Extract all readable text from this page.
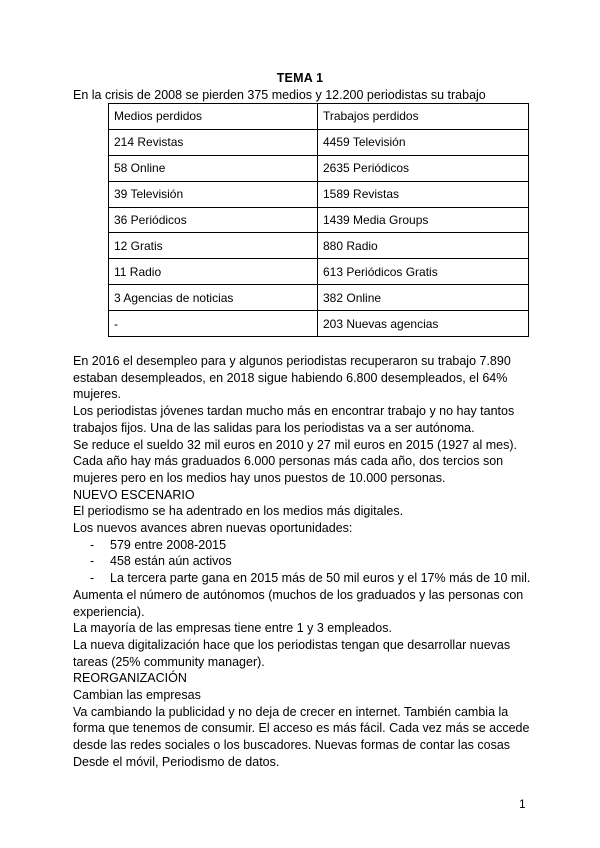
TEMA 1
En la crisis de 2008 se pierden 375 medios y 12.200 periodistas su trabajo
Medios perdidos	Trabajos perdidos
214 Revistas	4459 Televisión
58 Online	2635 Periódicos
39 Televisión	1589 Revistas
36 Periódicos	1439 Media Groups
12 Gratis	880 Radio
11 Radio	613 Periódicos Gratis
3 Agencias de noticias	382 Online
-	203 Nuevas agencias

En 2016 el desempleo para y algunos periodistas recuperaron su trabajo 7.890 estaban desempleados, en 2018 sigue habiendo 6.800 desempleados, el 64% mujeres.

Los periodistas jóvenes tardan mucho más en encontrar trabajo y no hay tantos trabajos fijos. Una de las salidas para los periodistas va a ser autónoma.

Se reduce el sueldo 32 mil euros en 2010 y 27 mil euros en 2015 (1927 al mes).

Cada año hay más graduados 6.000 personas más cada año, dos tercios son mujeres pero en los medios hay unos puestos de 10.000 personas.

NUEVO ESCENARIO

El periodismo se ha adentrado en los medios más digitales.

Los nuevos avances abren nuevas oportunidades:

- 579 entre 2008-2015
- 458 están aún activos
- La tercera parte gana en 2015 más de 50 mil euros y el 17% más de 10 mil.

Aumenta el número de autónomos (muchos de los graduados y las personas con experiencia).

La mayoría de las empresas tiene entre 1 y 3 empleados.

La nueva digitalización hace que los periodistas tengan que desarrollar nuevas tareas (25% community manager).

REORGANIZACIÓN

Cambian las empresas

Va cambiando la publicidad y no deja de crecer en internet. También cambia la forma que tenemos de consumir. El acceso es más fácil. Cada vez más se accede desde las redes sociales o los buscadores. Nuevas formas de contar las cosas

Desde el móvil, Periodismo de datos.

1
